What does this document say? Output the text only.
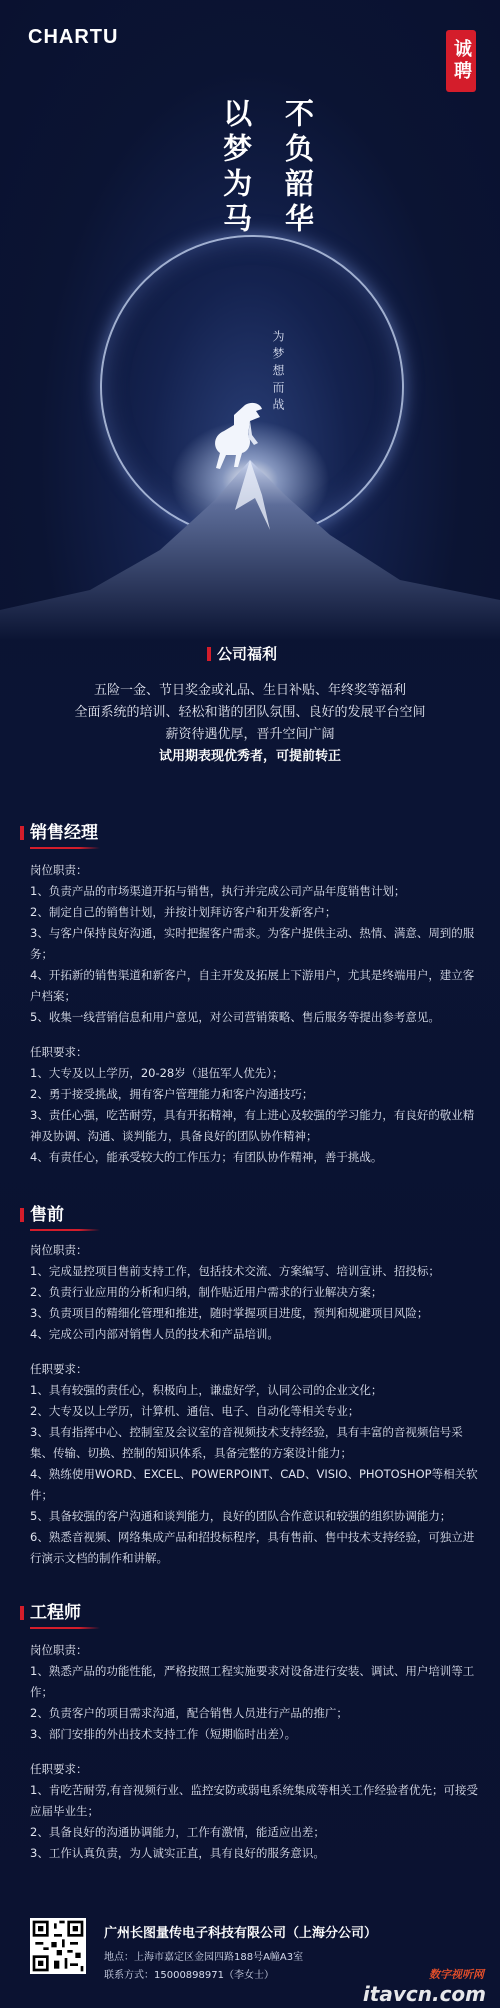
CHARTU
诚聘
以梦为马 不负韶华
为梦想而战
公司福利
五险一金、节日奖金或礼品、生日补贴、年终奖等福利
全面系统的培训、轻松和谐的团队氛围、良好的发展平台空间
薪资待遇优厚，晋升空间广阔
试用期表现优秀者，可提前转正
销售经理
岗位职责：
1、负责产品的市场渠道开拓与销售，执行并完成公司产品年度销售计划；
2、制定自己的销售计划，并按计划拜访客户和开发新客户；
3、与客户保持良好沟通，实时把握客户需求。为客户提供主动、热情、满意、周到的服务；
4、开拓新的销售渠道和新客户，自主开发及拓展上下游用户，尤其是终端用户，建立客户档案；
5、收集一线营销信息和用户意见，对公司营销策略、售后服务等提出参考意见。
任职要求：
1、大专及以上学历，20-28岁（退伍军人优先）；
2、勇于接受挑战，拥有客户管理能力和客户沟通技巧；
3、责任心强，吃苦耐劳，具有开拓精神，有上进心及较强的学习能力，有良好的敬业精神及协调、沟通、谈判能力，具备良好的团队协作精神；
4、有责任心，能承受较大的工作压力；有团队协作精神，善于挑战。
售前
岗位职责：
1、完成显控项目售前支持工作，包括技术交流、方案编写、培训宣讲、招投标；
2、负责行业应用的分析和归纳，制作贴近用户需求的行业解决方案；
3、负责项目的精细化管理和推进，随时掌握项目进度，预判和规避项目风险；
4、完成公司内部对销售人员的技术和产品培训。
任职要求：
1、具有较强的责任心，积极向上，谦虚好学，认同公司的企业文化；
2、大专及以上学历，计算机、通信、电子、自动化等相关专业；
3、具有指挥中心、控制室及会议室的音视频技术支持经验，具有丰富的音视频信号采集、传输、切换、控制的知识体系，具备完整的方案设计能力；
4、熟练使用WORD、EXCEL、POWERPOINT、CAD、VISIO、PHOTOSHOP等相关软件；
5、具备较强的客户沟通和谈判能力，良好的团队合作意识和较强的组织协调能力；
6、熟悉音视频、网络集成产品和招投标程序，具有售前、售中技术支持经验，可独立进行演示文档的制作和讲解。
工程师
岗位职责：
1、熟悉产品的功能性能，严格按照工程实施要求对设备进行安装、调试、用户培训等工作；
2、负责客户的项目需求沟通，配合销售人员进行产品的推广；
3、部门安排的外出技术支持工作（短期临时出差）。
任职要求：
1、肯吃苦耐劳,有音视频行业、监控安防或弱电系统集成等相关工作经验者优先；可接受应届毕业生；
2、具备良好的沟通协调能力，工作有激情，能适应出差；
3、工作认真负责，为人诚实正直，具有良好的服务意识。
广州长图量传电子科技有限公司（上海分公司）
地点：上海市嘉定区金园四路188号A幢A3室
联系方式：15000898971（李女士）	数字视听网
itavcn.com
